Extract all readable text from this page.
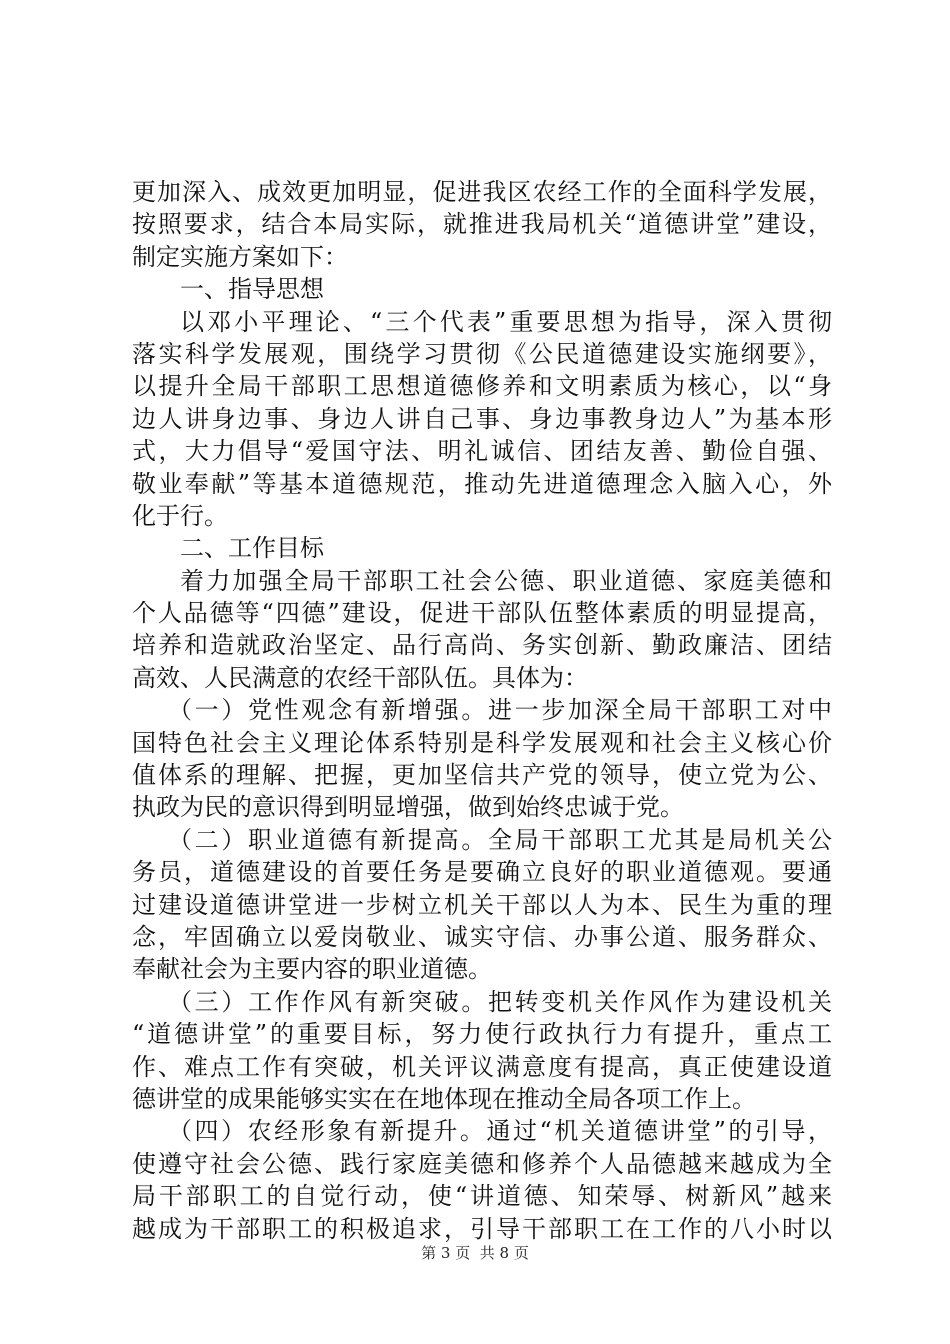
更加深入、成效更加明显，促进我区农经工作的全面科学发展，
按照要求，结合本局实际，就推进我局机关“道德讲堂”建设，
制定实施方案如下：
一、指导思想
以邓小平理论、“三个代表”重要思想为指导，深入贯彻
落实科学发展观，围绕学习贯彻《公民道德建设实施纲要》，
以提升全局干部职工思想道德修养和文明素质为核心，以“身
边人讲身边事、身边人讲自己事、身边事教身边人”为基本形
式，大力倡导“爱国守法、明礼诚信、团结友善、勤俭自强、
敬业奉献”等基本道德规范，推动先进道德理念入脑入心，外
化于行。
二、工作目标
着力加强全局干部职工社会公德、职业道德、家庭美德和
个人品德等“四德”建设，促进干部队伍整体素质的明显提高，
培养和造就政治坚定、品行高尚、务实创新、勤政廉洁、团结
高效、人民满意的农经干部队伍。具体为：
（一）党性观念有新增强。进一步加深全局干部职工对中
国特色社会主义理论体系特别是科学发展观和社会主义核心价
值体系的理解、把握，更加坚信共产党的领导，使立党为公、
执政为民的意识得到明显增强，做到始终忠诚于党。
（二）职业道德有新提高。全局干部职工尤其是局机关公
务员，道德建设的首要任务是要确立良好的职业道德观。要通
过建设道德讲堂进一步树立机关干部以人为本、民生为重的理
念，牢固确立以爱岗敬业、诚实守信、办事公道、服务群众、
奉献社会为主要内容的职业道德。
（三）工作作风有新突破。把转变机关作风作为建设机关
“道德讲堂”的重要目标，努力使行政执行力有提升，重点工
作、难点工作有突破，机关评议满意度有提高，真正使建设道
德讲堂的成果能够实实在在地体现在推动全局各项工作上。
（四）农经形象有新提升。通过“机关道德讲堂”的引导，
使遵守社会公德、践行家庭美德和修养个人品德越来越成为全
局干部职工的自觉行动，使“讲道德、知荣辱、树新风”越来
越成为干部职工的积极追求，引导干部职工在工作的八小时以
第 3 页  共 8 页
